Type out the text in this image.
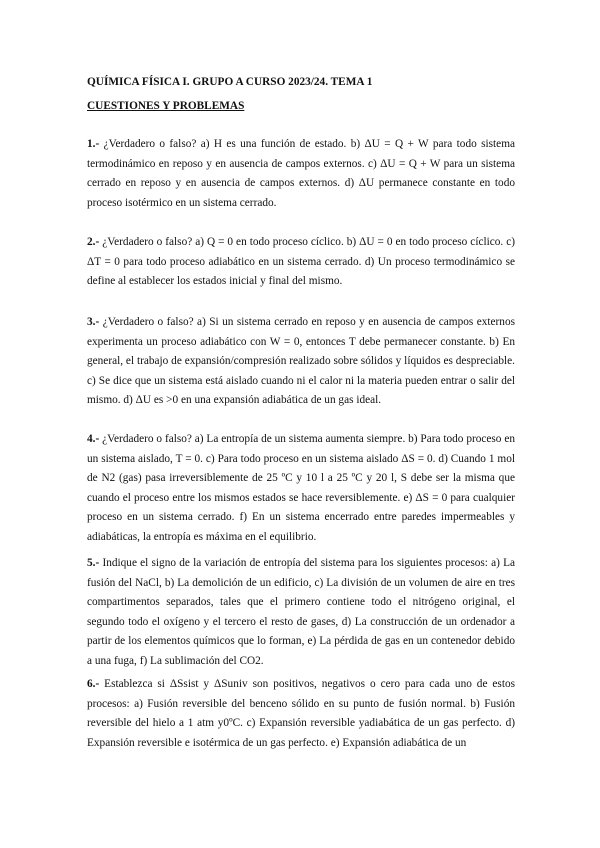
QUÍMICA FÍSICA I. GRUPO A CURSO 2023/24. TEMA 1
CUESTIONES Y PROBLEMAS

1.- ¿Verdadero o falso? a) H es una función de estado. b) ΔU = Q + W para todo sistema termodinámico en reposo y en ausencia de campos externos. c) ΔU = Q + W para un sistema cerrado en reposo y en ausencia de campos externos. d) ΔU permanece constante en todo proceso isotérmico en un sistema cerrado.

2.- ¿Verdadero o falso? a) Q = 0 en todo proceso cíclico. b) ΔU = 0 en todo proceso cíclico. c) ΔT = 0 para todo proceso adiabático en un sistema cerrado. d) Un proceso termodinámico se define al establecer los estados inicial y final del mismo.

3.- ¿Verdadero o falso? a) Si un sistema cerrado en reposo y en ausencia de campos externos experimenta un proceso adiabático con W = 0, entonces T debe permanecer constante. b) En general, el trabajo de expansión/compresión realizado sobre sólidos y líquidos es despreciable. c) Se dice que un sistema está aislado cuando ni el calor ni la materia pueden entrar o salir del mismo. d) ΔU es >0 en una expansión adiabática de un gas ideal.

4.- ¿Verdadero o falso? a) La entropía de un sistema aumenta siempre. b) Para todo proceso en un sistema aislado, T = 0. c) Para todo proceso en un sistema aislado ΔS = 0. d) Cuando 1 mol de N2 (gas) pasa irreversiblemente de 25 ºC y 10 l a 25 ºC y 20 l, S debe ser la misma que cuando el proceso entre los mismos estados se hace reversiblemente. e) ΔS = 0 para cualquier proceso en un sistema cerrado. f) En un sistema encerrado entre paredes impermeables y adiabáticas, la entropía es máxima en el equilibrio.

5.- Indique el signo de la variación de entropía del sistema para los siguientes procesos: a) La fusión del NaCl, b) La demolición de un edificio, c) La división de un volumen de aire en tres compartimentos separados, tales que el primero contiene todo el nitrógeno original, el segundo todo el oxígeno y el tercero el resto de gases, d) La construcción de un ordenador a partir de los elementos químicos que lo forman, e) La pérdida de gas en un contenedor debido a una fuga, f) La sublimación del CO2.

6.- Establezca si ΔSsist y ΔSuniv son positivos, negativos o cero para cada uno de estos procesos: a) Fusión reversible del benceno sólido en su punto de fusión normal. b) Fusión reversible del hielo a 1 atm y0ºC. c) Expansión reversible yadiabática de un gas perfecto. d) Expansión reversible e isotérmica de un gas perfecto. e) Expansión adiabática de un
